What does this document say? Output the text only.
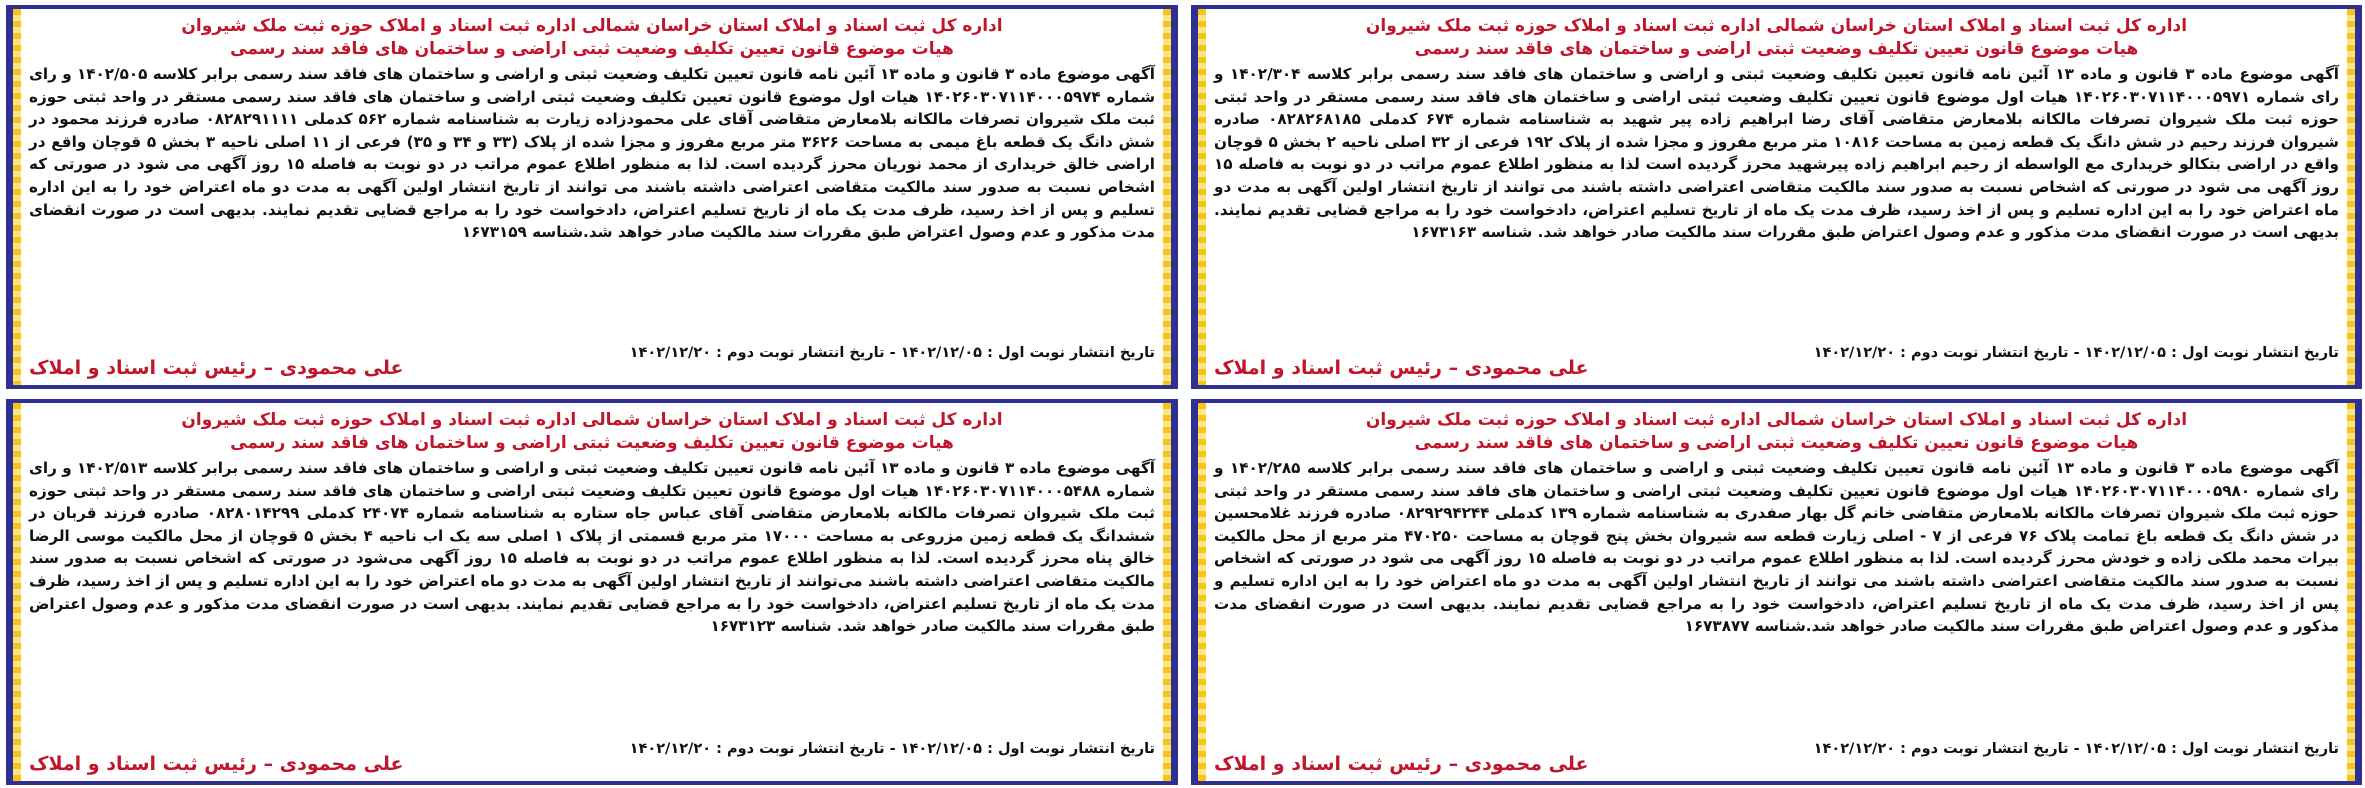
اداره کل ثبت اسناد و املاک استان خراسان شمالی اداره ثبت اسناد و املاک حوزه ثبت ملک شیروان

هیات موضوع قانون تعیین تکلیف وضعیت ثبتی اراضی و ساختمان های فاقد سند رسمی

آگهی موضوع ماده ۳ قانون و ماده ۱۳ آئین نامه قانون تعیین تکلیف وضعیت ثبتی و اراضی و ساختمان های فاقد سند رسمی برابر کلاسه ۱۴۰۲/۳۰۴ و رای شماره ۱۴۰۲۶۰۳۰۷۱۱۴۰۰۰۵۹۷۱ هیات اول موضوع قانون تعیین تکلیف وضعیت ثبتی اراضی و ساختمان های فاقد سند رسمی مستقر در واحد ثبتی حوزه ثبت ملک شیروان تصرفات مالکانه بلامعارض متقاضی آقای رضا ابراهیم زاده پیر شهید به شناسنامه شماره ۶۷۴ کدملی ۰۸۲۸۲۶۸۱۸۵ صادره شیروان فرزند رحیم در شش دانگ یک قطعه زمین به مساحت ۱۰۸۱۶ متر مربع مفروز و مجزا شده از پلاک ۱۹۲ فرعی از ۳۲ اصلی ناحیه ۲ بخش ۵ قوچان واقع در اراضی بتکالو خریداری مع الواسطه از رحیم ابراهیم زاده پیرشهید محرز گردیده است لذا به منظور اطلاع عموم مراتب در دو نوبت به فاصله ۱۵ روز آگهی می شود در صورتی که اشخاص نسبت به صدور سند مالکیت متقاضی اعتراضی داشته باشند می توانند از تاریخ انتشار اولین آگهی به مدت دو ماه اعتراض خود را به این اداره تسلیم و پس از اخذ رسید، ظرف مدت یک ماه از تاریخ تسلیم اعتراض، دادخواست خود را به مراجع قضایی تقدیم نمایند. بدیهی است در صورت انقضای مدت مذکور و عدم وصول اعتراض طبق مقررات سند مالکیت صادر خواهد شد. شناسه ۱۶۷۳۱۶۳

تاریخ انتشار نوبت اول : ۱۴۰۲/۱۲/۰۵ - تاریخ انتشار نوبت دوم : ۱۴۰۲/۱۲/۲۰
علی محمودی – رئیس ثبت اسناد و املاک

اداره کل ثبت اسناد و املاک استان خراسان شمالی اداره ثبت اسناد و املاک حوزه ثبت ملک شیروان

هیات موضوع قانون تعیین تکلیف وضعیت ثبتی اراضی و ساختمان های فاقد سند رسمی

آگهی موضوع ماده ۳ قانون و ماده ۱۳ آئین نامه قانون تعیین تکلیف وضعیت ثبتی و اراضی و ساختمان های فاقد سند رسمی برابر کلاسه ۱۴۰۲/۵۰۵ و رای شماره ۱۴۰۲۶۰۳۰۷۱۱۴۰۰۰۵۹۷۴ هیات اول موضوع قانون تعیین تکلیف وضعیت ثبتی اراضی و ساختمان های فاقد سند رسمی مستقر در واحد ثبتی حوزه ثبت ملک شیروان تصرفات مالکانه بلامعارض متقاضی آقای علی محمودزاده زیارت به شناسنامه شماره ۵۶۲ کدملی ۰۸۲۸۲۹۱۱۱۱ صادره فرزند محمود در شش دانگ یک قطعه باغ میمی به مساحت ۳۶۲۶ متر مربع مفروز و مجزا شده از پلاک (۳۳ و ۳۴ و ۳۵) فرعی از ۱۱ اصلی ناحیه ۳ بخش ۵ قوچان واقع در اراضی خالق خریداری از محمد نوریان محرز گردیده است. لذا به منظور اطلاع عموم مراتب در دو نوبت به فاصله ۱۵ روز آگهی می شود در صورتی که اشخاص نسبت به صدور سند مالکیت متقاضی اعتراضی داشته باشند می توانند از تاریخ انتشار اولین آگهی به مدت دو ماه اعتراض خود را به این اداره تسلیم و پس از اخذ رسید، ظرف مدت یک ماه از تاریخ تسلیم اعتراض، دادخواست خود را به مراجع قضایی تقدیم نمایند. بدیهی است در صورت انقضای مدت مذکور و عدم وصول اعتراض طبق مقررات سند مالکیت صادر خواهد شد.شناسه ۱۶۷۳۱۵۹

تاریخ انتشار نوبت اول : ۱۴۰۲/۱۲/۰۵ - تاریخ انتشار نوبت دوم : ۱۴۰۲/۱۲/۲۰
علی محمودی – رئیس ثبت اسناد و املاک

اداره کل ثبت اسناد و املاک استان خراسان شمالی اداره ثبت اسناد و املاک حوزه ثبت ملک شیروان

هیات موضوع قانون تعیین تکلیف وضعیت ثبتی اراضی و ساختمان های فاقد سند رسمی

آگهی موضوع ماده ۳ قانون و ماده ۱۳ آئین نامه قانون تعیین تکلیف وضعیت ثبتی و اراضی و ساختمان های فاقد سند رسمی برابر کلاسه ۱۴۰۲/۲۸۵ و رای شماره ۱۴۰۲۶۰۳۰۷۱۱۴۰۰۰۵۹۸۰ هیات اول موضوع قانون تعیین تکلیف وضعیت ثبتی اراضی و ساختمان های فاقد سند رسمی مستقر در واحد ثبتی حوزه ثبت ملک شیروان تصرفات مالکانه بلامعارض متقاضی خانم گل بهار صفدری به شناسنامه شماره ۱۳۹ کدملی ۰۸۲۹۲۹۴۲۴۴ صادره فرزند غلامحسین در شش دانگ یک قطعه باغ تمامت پلاک ۷۶ فرعی از ۷ - اصلی زیارت قطعه سه شیروان بخش پنج قوچان به مساحت ۴۷۰۲۵۰ متر مربع از محل مالکیت بیرات محمد ملکی زاده و خودش محرز گردیده است. لذا به منظور اطلاع عموم مراتب در دو نوبت به فاصله ۱۵ روز آگهی می شود در صورتی که اشخاص نسبت به صدور سند مالکیت متقاضی اعتراضی داشته باشند می توانند از تاریخ انتشار اولین آگهی به مدت دو ماه اعتراض خود را به این اداره تسلیم و پس از اخذ رسید، ظرف مدت یک ماه از تاریخ تسلیم اعتراض، دادخواست خود را به مراجع قضایی تقدیم نمایند. بدیهی است در صورت انقضای مدت مذکور و عدم وصول اعتراض طبق مقررات سند مالکیت صادر خواهد شد.شناسه ۱۶۷۳۸۷۷

تاریخ انتشار نوبت اول : ۱۴۰۲/۱۲/۰۵ - تاریخ انتشار نوبت دوم : ۱۴۰۲/۱۲/۲۰
علی محمودی – رئیس ثبت اسناد و املاک

اداره کل ثبت اسناد و املاک استان خراسان شمالی اداره ثبت اسناد و املاک حوزه ثبت ملک شیروان

هیات موضوع قانون تعیین تکلیف وضعیت ثبتی اراضی و ساختمان های فاقد سند رسمی

آگهی موضوع ماده ۳ قانون و ماده ۱۳ آئین نامه قانون تعیین تکلیف وضعیت ثبتی و اراضی و ساختمان های فاقد سند رسمی برابر کلاسه ۱۴۰۲/۵۱۳ و رای شماره ۱۴۰۲۶۰۳۰۷۱۱۴۰۰۰۵۴۸۸ هیات اول موضوع قانون تعیین تکلیف وضعیت ثبتی اراضی و ساختمان های فاقد سند رسمی مستقر در واحد ثبتی حوزه ثبت ملک شیروان تصرفات مالکانه بلامعارض متقاضی آقای عباس جاه ستاره به شناسنامه شماره ۲۴۰۷۴ کدملی ۰۸۲۸۰۱۴۲۹۹ صادره فرزند قربان در ششدانگ یک قطعه زمین مزروعی به مساحت ۱۷۰۰۰ متر مربع قسمتی از پلاک ۱ اصلی سه یک اب ناحیه ۴ بخش ۵ قوچان از محل مالکیت موسی الرضا خالق پناه محرز گردیده است. لذا به منظور اطلاع عموم مراتب در دو نوبت به فاصله ۱۵ روز آگهی می‌شود در صورتی که اشخاص نسبت به صدور سند مالکیت متقاضی اعتراضی داشته باشند می‌توانند از تاریخ انتشار اولین آگهی به مدت دو ماه اعتراض خود را به این اداره تسلیم و پس از اخذ رسید، ظرف مدت یک ماه از تاریخ تسلیم اعتراض، دادخواست خود را به مراجع قضایی تقدیم نمایند. بدیهی است در صورت انقضای مدت مذکور و عدم وصول اعتراض طبق مقررات سند مالکیت صادر خواهد شد. شناسه ۱۶۷۳۱۲۳

تاریخ انتشار نوبت اول : ۱۴۰۲/۱۲/۰۵ - تاریخ انتشار نوبت دوم : ۱۴۰۲/۱۲/۲۰
علی محمودی – رئیس ثبت اسناد و املاک
